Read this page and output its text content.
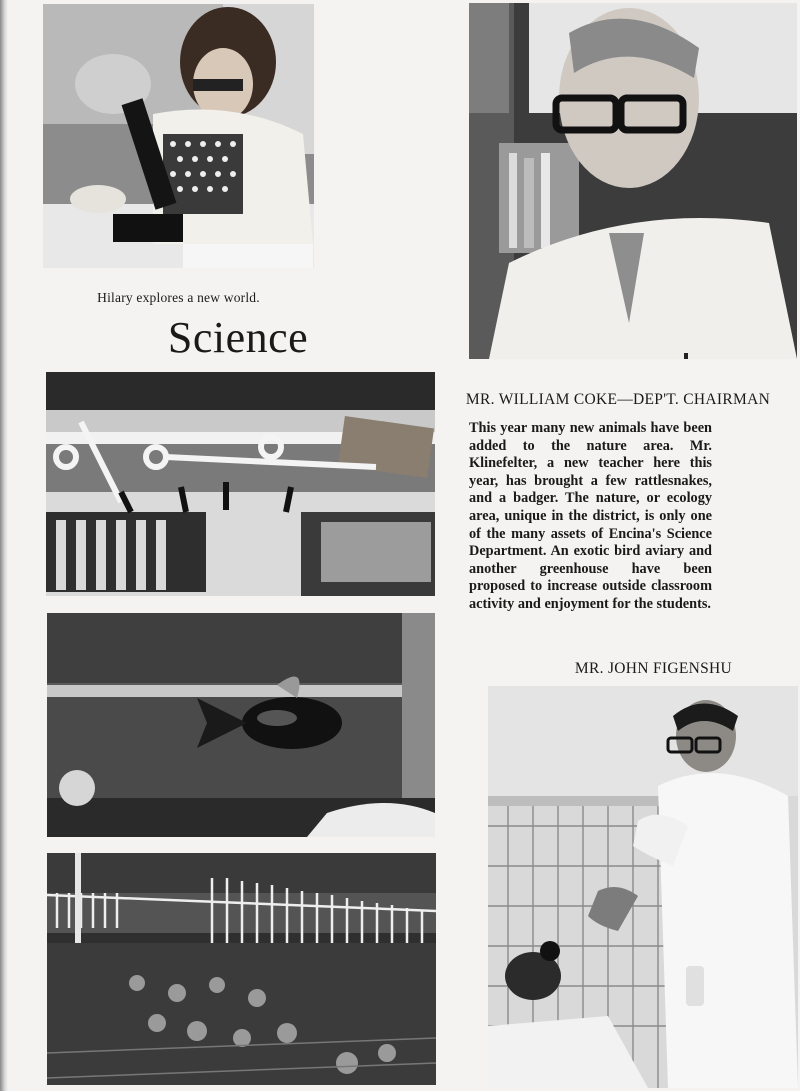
Hilary explores a new world.

Science
MR. WILLIAM COKE—DEP'T. CHAIRMAN

This year many new animals have been added to the nature area. Mr. Klinefelter, a new teacher here this year, has brought a few rattlesnakes, and a badger. The nature, or ecology area, unique in the district, is only one of the many assets of Encina's Science Department. An exotic bird aviary and another greenhouse have been proposed to increase outside classroom activity and enjoyment for the students.

MR. JOHN FIGENSHU
